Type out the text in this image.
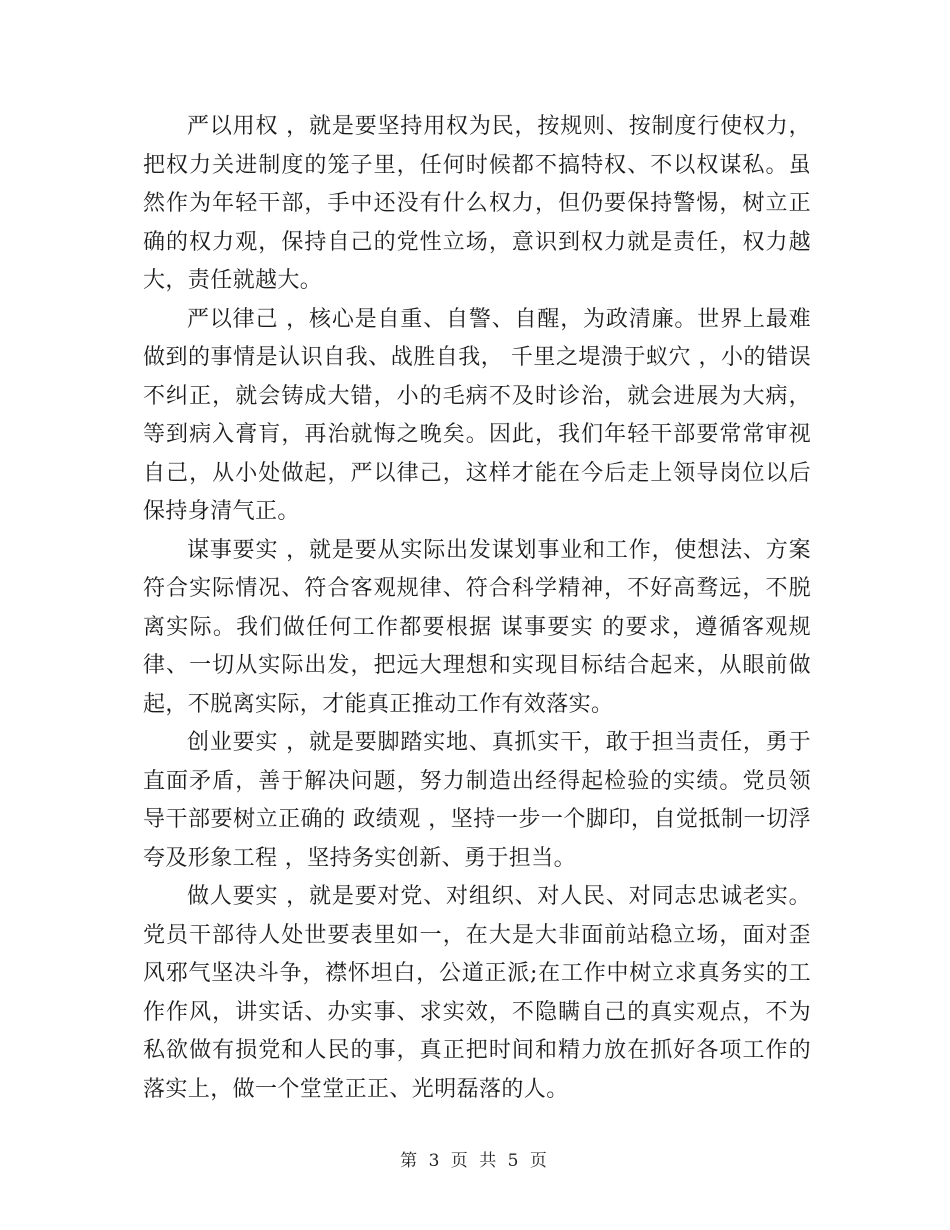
严以用权 ，就是要坚持用权为民，按规则、按制度行使权力，把权力关进制度的笼子里，任何时候都不搞特权、不以权谋私。虽然作为年轻干部，手中还没有什么权力，但仍要保持警惕，树立正确的权力观，保持自己的党性立场，意识到权力就是责任，权力越大，责任就越大。

严以律己 ，核心是自重、自警、自醒，为政清廉。世界上最难做到的事情是认识自我、战胜自我， 千里之堤溃于蚁穴 ，小的错误不纠正，就会铸成大错，小的毛病不及时诊治，就会进展为大病，等到病入膏肓，再治就悔之晚矣。因此，我们年轻干部要常常审视自己，从小处做起，严以律己，这样才能在今后走上领导岗位以后保持身清气正。

谋事要实 ，就是要从实际出发谋划事业和工作，使想法、方案符合实际情况、符合客观规律、符合科学精神，不好高骛远，不脱离实际。我们做任何工作都要根据 谋事要实 的要求，遵循客观规律、一切从实际出发，把远大理想和实现目标结合起来，从眼前做起，不脱离实际，才能真正推动工作有效落实。

创业要实 ，就是要脚踏实地、真抓实干，敢于担当责任，勇于直面矛盾，善于解决问题，努力制造出经得起检验的实绩。党员领导干部要树立正确的 政绩观 ，坚持一步一个脚印，自觉抵制一切浮夸及形象工程 ，坚持务实创新、勇于担当。

做人要实 ，就是要对党、对组织、对人民、对同志忠诚老实。党员干部待人处世要表里如一，在大是大非面前站稳立场，面对歪风邪气坚决斗争，襟怀坦白，公道正派;在工作中树立求真务实的工作作风，讲实话、办实事、求实效，不隐瞒自己的真实观点，不为私欲做有损党和人民的事，真正把时间和精力放在抓好各项工作的落实上，做一个堂堂正正、光明磊落的人。

第 3 页 共 5 页
